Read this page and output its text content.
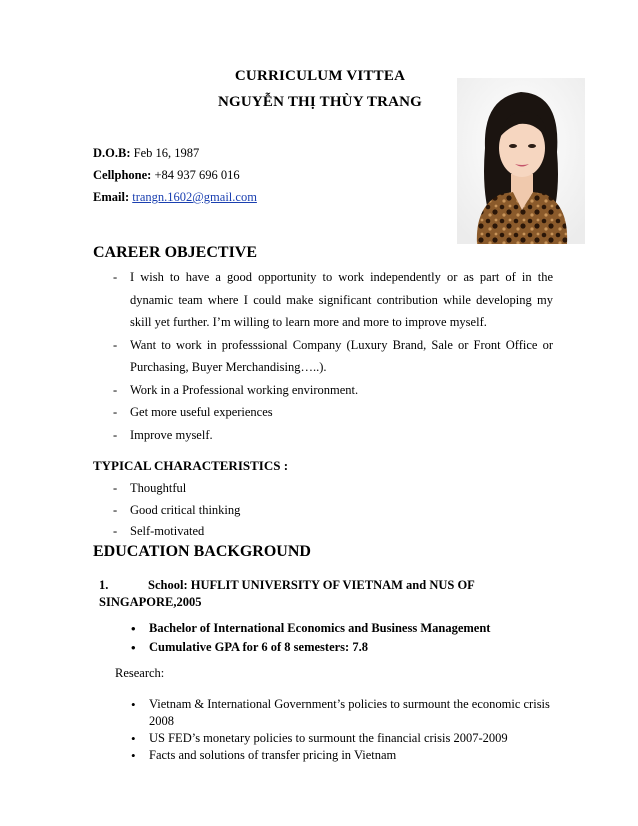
CURRICULUM VITTEA
NGUYỄN THỊ THÙY TRANG
D.O.B: Feb 16, 1987
Cellphone: +84 937 696 016
Email: trangn.1602@gmail.com
CAREER OBJECTIVE
- I wish to have a good opportunity to work independently or as part of in the dynamic team where I could make significant contribution while developing my skill yet further. I’m willing to learn more and more to improve myself.
- Want to work in professsional Company (Luxury Brand, Sale or Front Office or Purchasing, Buyer Merchandising…..).
- Work in a Professional working environment.
- Get more useful experiences
- Improve myself.
TYPICAL CHARACTERISTICS :
- Thoughtful
- Good critical thinking
- Self-motivated
EDUCATION BACKGROUND
1.	School: HUFLIT UNIVERSITY OF VIETNAM and NUS OF SINGAPORE,2005
• Bachelor of International Economics and Business Management
• Cumulative GPA for 6 of 8 semesters: 7.8
Research:
• Vietnam & International Government’s policies to surmount the economic crisis 2008
• US FED’s monetary policies to surmount the financial crisis 2007-2009
• Facts and solutions of transfer pricing in Vietnam
